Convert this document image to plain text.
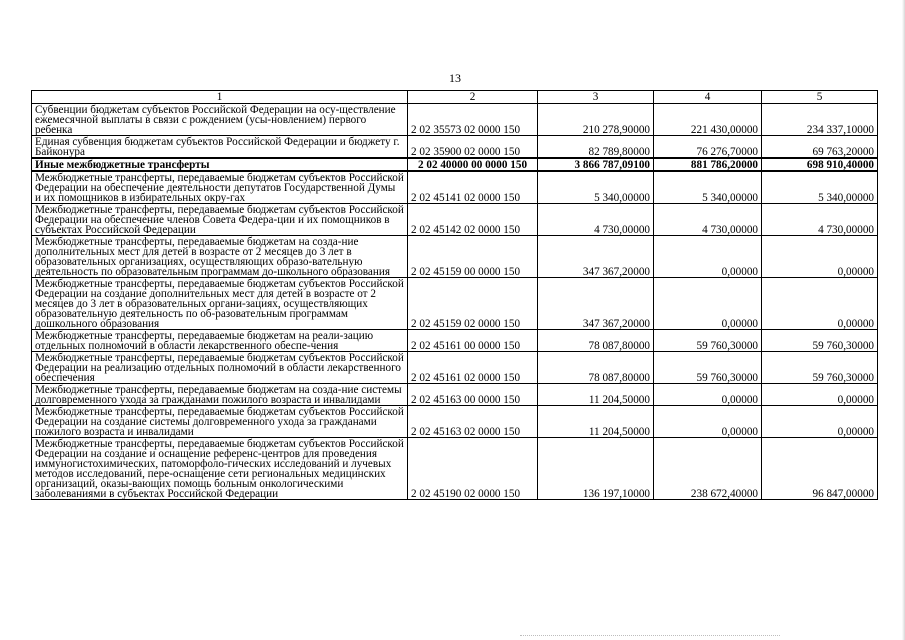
13
1	2	3	4	5
Субвенции бюджетам субъектов Российской Федерации на осу-ществление ежемесячной выплаты в связи с рождением (усы-новлением) первого ребенка	2 02 35573 02 0000 150	210 278,90000	221 430,00000	234 337,10000
Единая субвенция бюджетам субъектов Российской Федерации и бюджету г. Байконура	2 02 35900 02 0000 150	82 789,80000	76 276,70000	69 763,20000
Иные межбюджетные трансферты	2 02 40000 00 0000 150	3 866 787,09100	881 786,20000	698 910,40000
Межбюджетные трансферты, передаваемые бюджетам субъектов Российской Федерации на обеспечение деятельности депутатов Государственной Думы и их помощников в избирательных окру-гах	2 02 45141 02 0000 150	5 340,00000	5 340,00000	5 340,00000
Межбюджетные трансферты, передаваемые бюджетам субъектов Российской Федерации на обеспечение членов Совета Федера-ции и их помощников в субъектах Российской Федерации	2 02 45142 02 0000 150	4 730,00000	4 730,00000	4 730,00000
Межбюджетные трансферты, передаваемые бюджетам на созда-ние дополнительных мест для детей в возрасте от 2 месяцев до 3 лет в образовательных организациях, осуществляющих образо-вательную деятельность по образовательным программам до-школьного образования	2 02 45159 00 0000 150	347 367,20000	0,00000	0,00000
Межбюджетные трансферты, передаваемые бюджетам субъектов Российской Федерации на создание дополнительных мест для детей в возрасте от 2 месяцев до 3 лет в образовательных органи-зациях, осуществляющих образовательную деятельность по об-разовательным программам дошкольного образования	2 02 45159 02 0000 150	347 367,20000	0,00000	0,00000
Межбюджетные трансферты, передаваемые бюджетам на реали-зацию отдельных полномочий в области лекарственного обеспе-чения	2 02 45161 00 0000 150	78 087,80000	59 760,30000	59 760,30000
Межбюджетные трансферты, передаваемые бюджетам субъектов Российской Федерации на реализацию отдельных полномочий в области лекарственного обеспечения	2 02 45161 02 0000 150	78 087,80000	59 760,30000	59 760,30000
Межбюджетные трансферты, передаваемые бюджетам на созда-ние системы долговременного ухода за гражданами пожилого возраста и инвалидами	2 02 45163 00 0000 150	11 204,50000	0,00000	0,00000
Межбюджетные трансферты, передаваемые бюджетам субъектов Российской Федерации на создание системы долговременного ухода за гражданами пожилого возраста и инвалидами	2 02 45163 02 0000 150	11 204,50000	0,00000	0,00000
Межбюджетные трансферты, передаваемые бюджетам субъектов Российской Федерации на создание и оснащение референс-центров для проведения иммуногистохимических, патоморфоло-гических исследований и лучевых методов исследований, пере-оснащение сети региональных медицинских организаций, оказы-вающих помощь больным онкологическими заболеваниями в субъектах Российской Федерации	2 02 45190 02 0000 150	136 197,10000	238 672,40000	96 847,00000
